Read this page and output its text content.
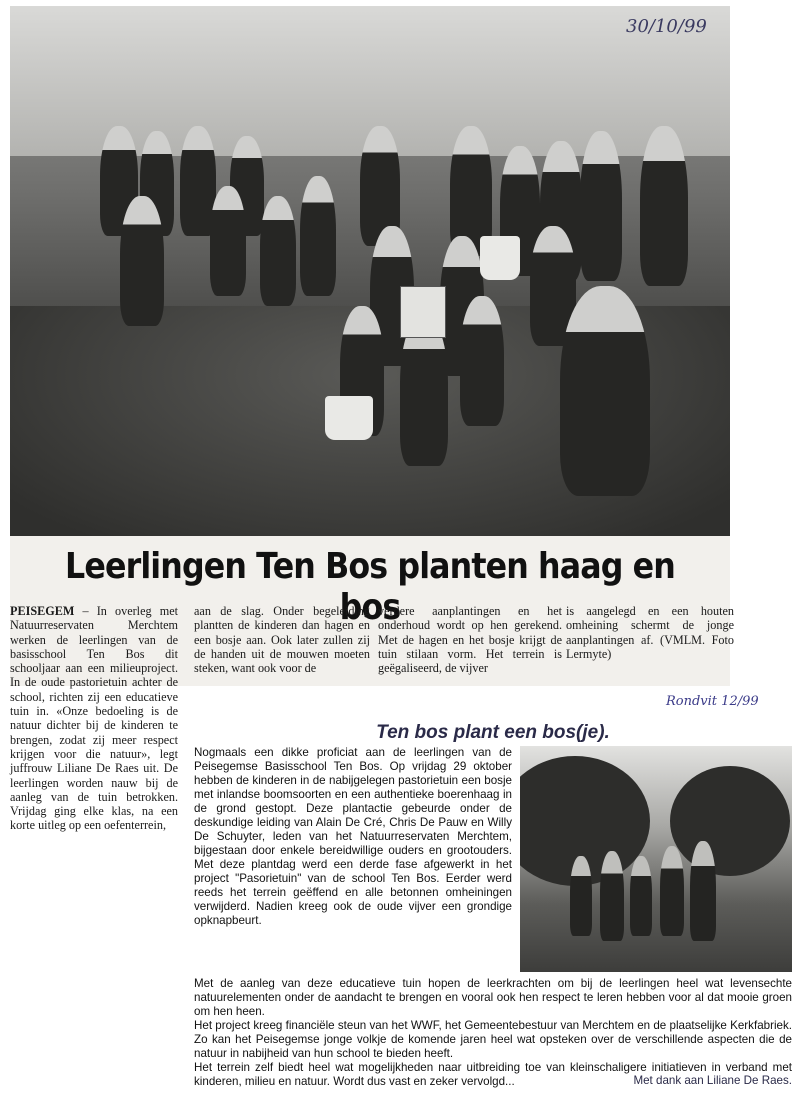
30/10/99
Leerlingen Ten Bos planten haag en bos
PEISEGEM – In overleg met Natuurreservaten Merchtem werken de leerlingen van de basisschool Ten Bos dit schooljaar aan een milieuproject. In de oude pastorietuin achter de school, richten zij een educatieve tuin in. «Onze bedoeling is de natuur dichter bij de kinderen te brengen, zodat zij meer respect krijgen voor die natuur», legt juffrouw Liliane De Raes uit. De leerlingen worden nauw bij de aanleg van de tuin betrokken. Vrijdag ging elke klas, na een korte uitleg op een oefenterrein,
aan de slag. Onder begeleiding plantten de kinderen dan hagen en een bosje aan. Ook later zullen zij de handen uit de mouwen moeten steken, want ook voor de
verdere aanplantingen en het onderhoud wordt op hen gerekend. Met de hagen en het bosje krijgt de tuin stilaan vorm. Het terrein is geëgaliseerd, de vijver
is aangelegd en een houten omheining schermt de jonge aanplantingen af. (VMLM. Foto Lermyte)
Rondvit 12/99
Ten bos plant een bos(je).

Nogmaals een dikke proficiat aan de leerlingen van de Peisegemse Basisschool Ten Bos. Op vrijdag 29 oktober hebben de kinderen in de nabijgelegen pastorietuin een bosje met inlandse boomsoorten en een authentieke boerenhaag in de grond gestopt. Deze plantactie gebeurde onder de deskundige leiding van Alain De Cré, Chris De Pauw en Willy De Schuyter, leden van het Natuurreservaten Merchtem, bijgestaan door enkele bereidwillige ouders en grootouders. Met deze plantdag werd een derde fase afgewerkt in het project "Pasorietuin" van de school Ten Bos. Eerder werd reeds het terrein geëffend en alle betonnen omheiningen verwijderd. Nadien kreeg ook de oude vijver een grondige opknapbeurt.

Met de aanleg van deze educatieve tuin hopen de leerkrachten om bij de leerlingen heel wat levensechte natuurelementen onder de aandacht te brengen en vooral ook hen respect te leren hebben voor al dat mooie groen om hen heen.

Het project kreeg financiële steun van het WWF, het Gemeentebestuur van Merchtem en de plaatselijke Kerkfabriek. Zo kan het Peisegemse jonge volkje de komende jaren heel wat opsteken over de verschillende aspecten die de natuur in nabijheid van hun school te bieden heeft.

Het terrein zelf biedt heel wat mogelijkheden naar uitbreiding toe van kleinschaligere initiatieven in verband met kinderen, milieu en natuur. Wordt dus vast en zeker vervolgd...	Met dank aan Liliane De Raes.
